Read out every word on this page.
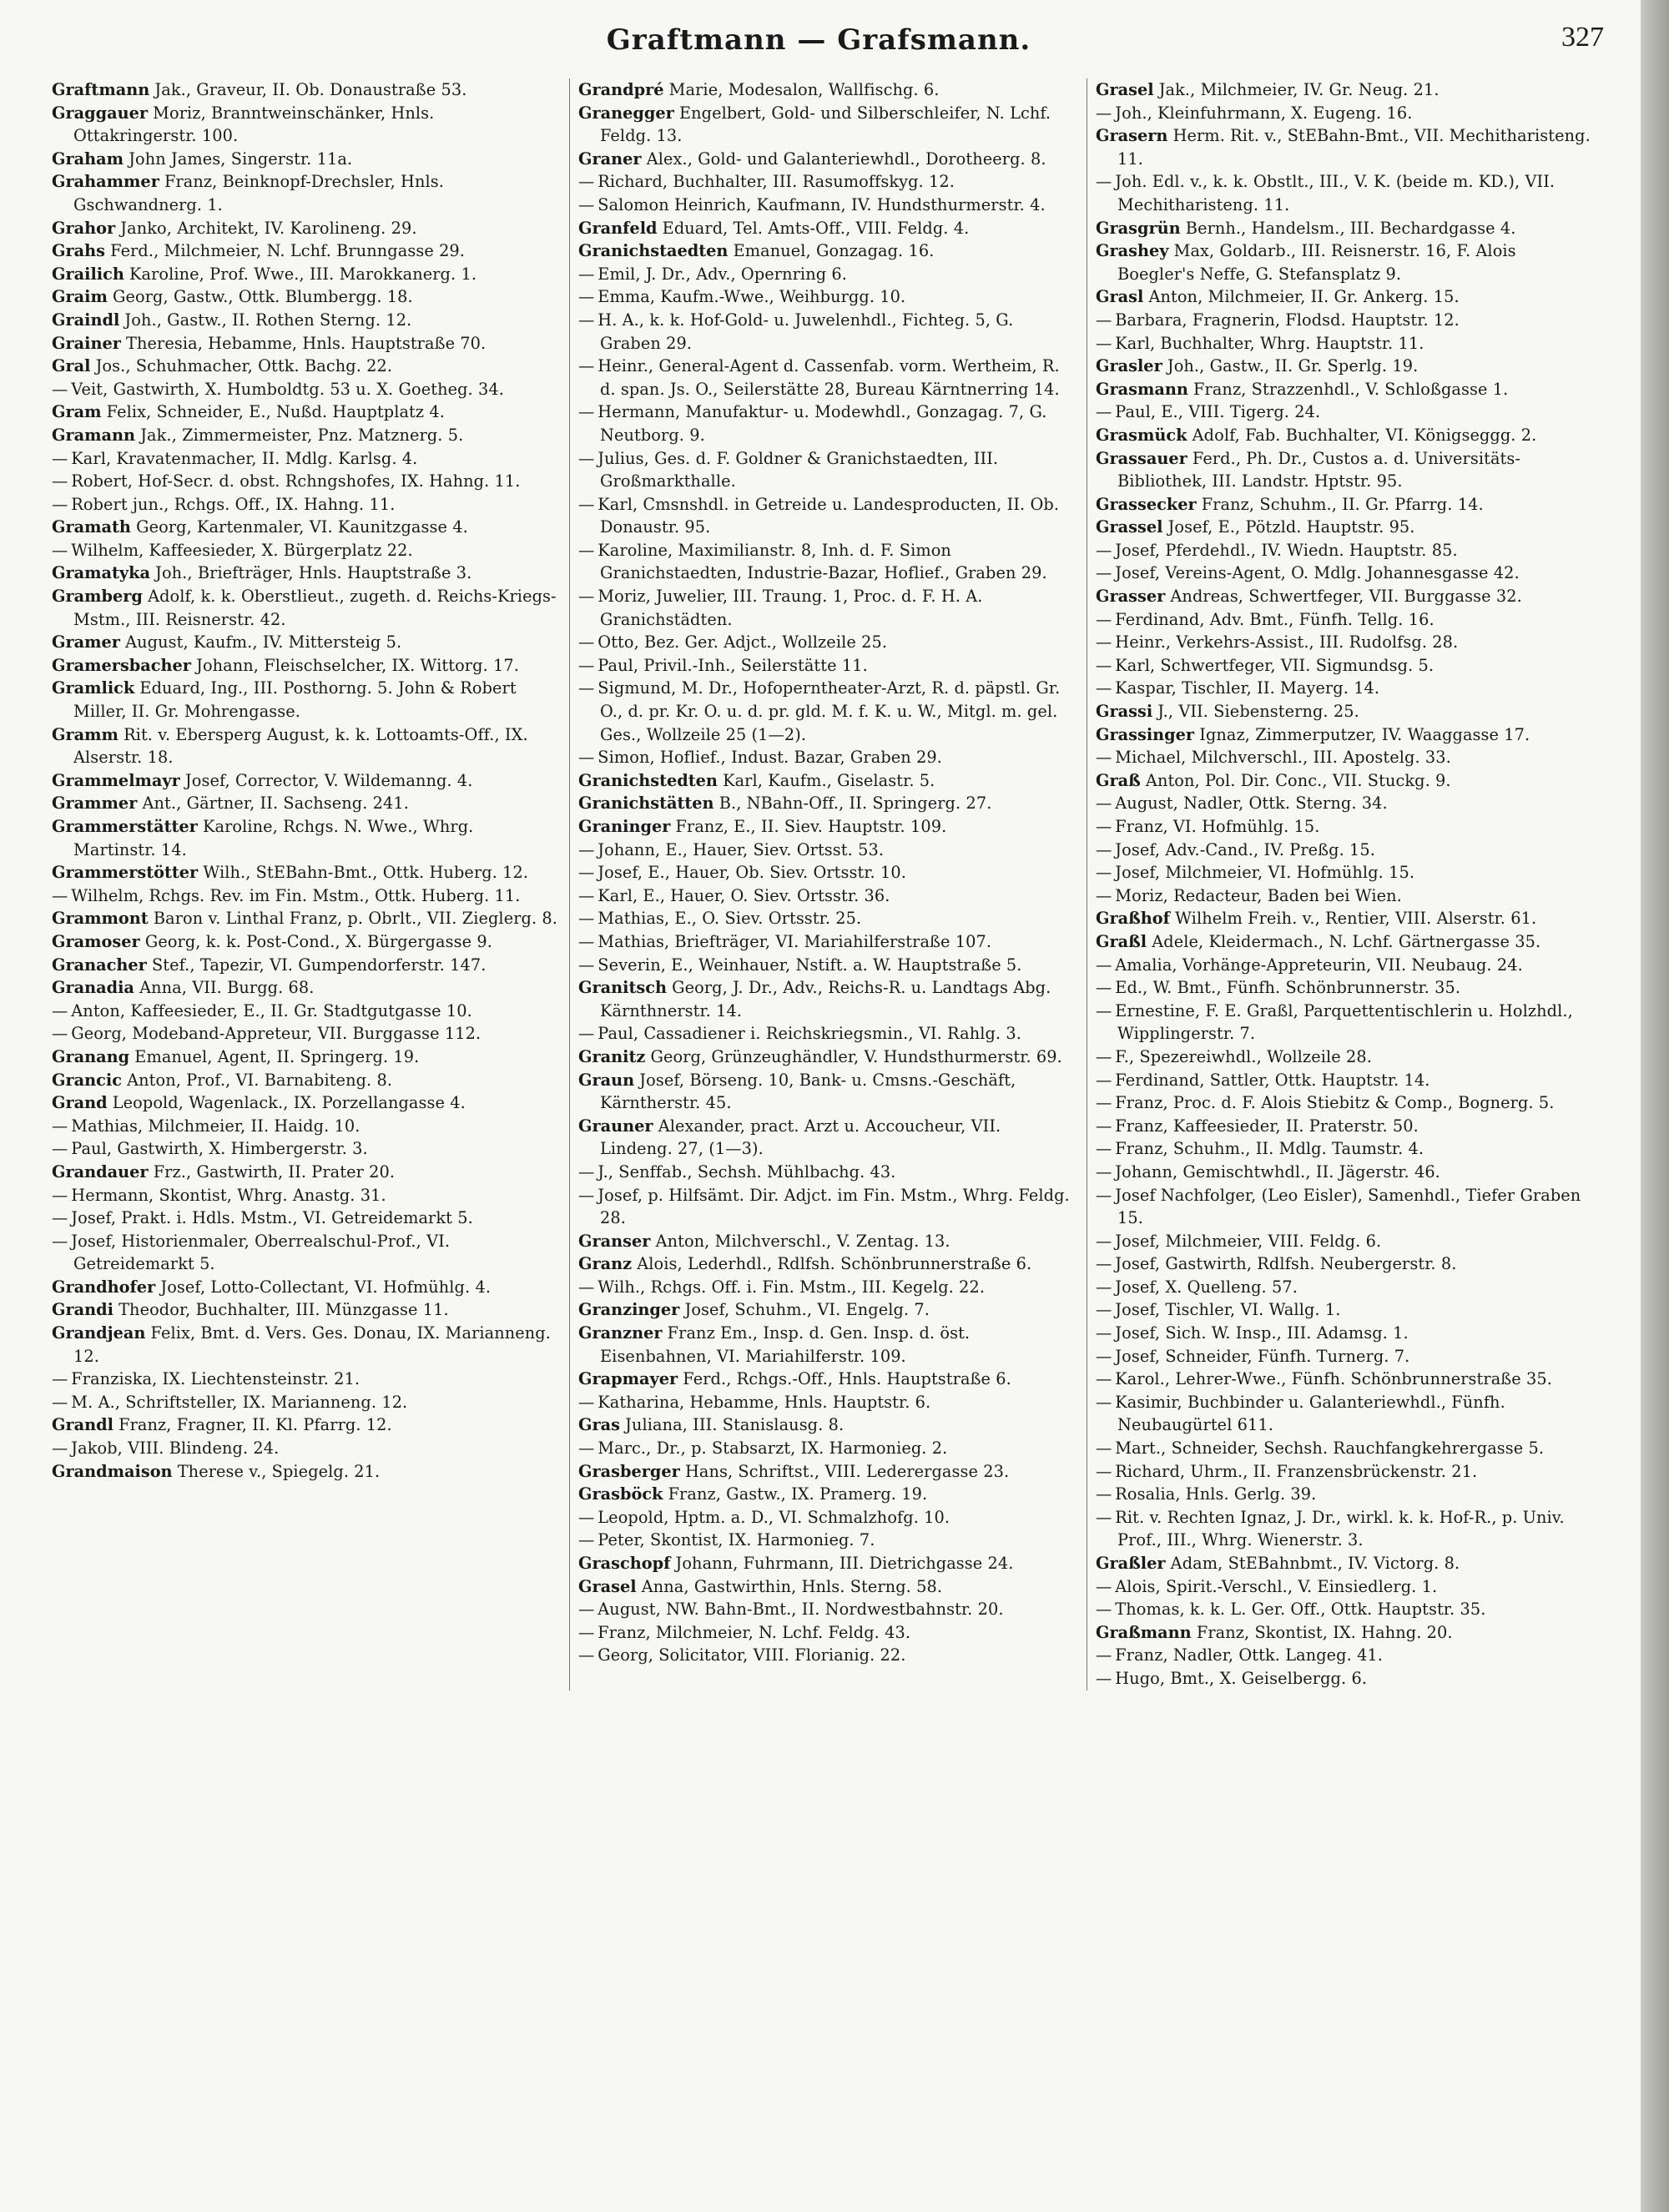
Graftmann — Grafsmann.	327
Graftmann Jak., Graveur, II. Ob. Donaustraße 53.
Graggauer Moriz, Branntweinschänker, Hnls. Ottakringerstr. 100.
Graham John James, Singerstr. 11a.
Grahammer Franz, Beinknopf-Drechsler, Hnls. Gschwandnerg. 1.
Grahor Janko, Architekt, IV. Karolineng. 29.
Grahs Ferd., Milchmeier, N. Lchf. Brunngasse 29.
Grailich Karoline, Prof. Wwe., III. Marokkanerg. 1.
Graim Georg, Gastw., Ottk. Blumbergg. 18.
Graindl Joh., Gastw., II. Rothen Sterng. 12.
Grainer Theresia, Hebamme, Hnls. Hauptstraße 70.
Gral Jos., Schuhmacher, Ottk. Bachg. 22.
— Veit, Gastwirth, X. Humboldtg. 53 u. X. Goetheg. 34.
Gram Felix, Schneider, E., Nußd. Hauptplatz 4.
Gramann Jak., Zimmermeister, Pnz. Matznerg. 5.
— Karl, Kravatenmacher, II. Mdlg. Karlsg. 4.
— Robert, Hof-Secr. d. obst. Rchngshofes, IX. Hahng. 11.
— Robert jun., Rchgs. Off., IX. Hahng. 11.
Gramath Georg, Kartenmaler, VI. Kaunitzgasse 4.
— Wilhelm, Kaffeesieder, X. Bürgerplatz 22.
Gramatyka Joh., Briefträger, Hnls. Hauptstraße 3.
Gramberg Adolf, k. k. Oberstlieut., zugeth. d. Reichs-Kriegs-Mstm., III. Reisnerstr. 42.
Gramer August, Kaufm., IV. Mittersteig 5.
Gramersbacher Johann, Fleischselcher, IX. Wittorg. 17.
Gramlick Eduard, Ing., III. Posthorng. 5. John & Robert Miller, II. Gr. Mohrengasse.
Gramm Rit. v. Ebersperg August, k. k. Lottoamts-Off., IX. Alserstr. 18.
Grammelmayr Josef, Corrector, V. Wildemanng. 4.
Grammer Ant., Gärtner, II. Sachseng. 241.
Grammerstätter Karoline, Rchgs. N. Wwe., Whrg. Martinstr. 14.
Grammerstötter Wilh., StEBahn-Bmt., Ottk. Huberg. 12.
— Wilhelm, Rchgs. Rev. im Fin. Mstm., Ottk. Huberg. 11.
Grammont Baron v. Linthal Franz, p. Obrlt., VII. Zieglerg. 8.
Gramoser Georg, k. k. Post-Cond., X. Bürgergasse 9.
Granacher Stef., Tapezir, VI. Gumpendorferstr. 147.
Granadia Anna, VII. Burgg. 68.
— Anton, Kaffeesieder, E., II. Gr. Stadtgutgasse 10.
— Georg, Modeband-Appreteur, VII. Burggasse 112.
Granang Emanuel, Agent, II. Springerg. 19.
Grancic Anton, Prof., VI. Barnabiteng. 8.
Grand Leopold, Wagenlack., IX. Porzellangasse 4.
— Mathias, Milchmeier, II. Haidg. 10.
— Paul, Gastwirth, X. Himbergerstr. 3.
Grandauer Frz., Gastwirth, II. Prater 20.
— Hermann, Skontist, Whrg. Anastg. 31.
— Josef, Prakt. i. Hdls. Mstm., VI. Getreidemarkt 5.
— Josef, Historienmaler, Oberrealschul-Prof., VI. Getreidemarkt 5.
Grandhofer Josef, Lotto-Collectant, VI. Hofmühlg. 4.
Grandi Theodor, Buchhalter, III. Münzgasse 11.
Grandjean Felix, Bmt. d. Vers. Ges. Donau, IX. Marianneng. 12.
— Franziska, IX. Liechtensteinstr. 21.
— M. A., Schriftsteller, IX. Marianneng. 12.
Grandl Franz, Fragner, II. Kl. Pfarrg. 12.
— Jakob, VIII. Blindeng. 24.
Grandmaison Therese v., Spiegelg. 21.
Grandpré Marie, Modesalon, Wallfischg. 6.
Granegger Engelbert, Gold- und Silberschleifer, N. Lchf. Feldg. 13.
Graner Alex., Gold- und Galanteriewhdl., Dorotheerg. 8.
— Richard, Buchhalter, III. Rasumoffskyg. 12.
— Salomon Heinrich, Kaufmann, IV. Hundsthurmerstr. 4.
Granfeld Eduard, Tel. Amts-Off., VIII. Feldg. 4.
Granichstaedten Emanuel, Gonzagag. 16.
— Emil, J. Dr., Adv., Opernring 6.
— Emma, Kaufm.-Wwe., Weihburgg. 10.
— H. A., k. k. Hof-Gold- u. Juwelenhdl., Fichteg. 5, G. Graben 29.
— Heinr., General-Agent d. Cassenfab. vorm. Wertheim, R. d. span. Js. O., Seilerstätte 28, Bureau Kärntnerring 14.
— Hermann, Manufaktur- u. Modewhdl., Gonzagag. 7, G. Neutborg. 9.
— Julius, Ges. d. F. Goldner & Granichstaedten, III. Großmarkthalle.
— Karl, Cmsnshdl. in Getreide u. Landesproducten, II. Ob. Donaustr. 95.
— Karoline, Maximilianstr. 8, Inh. d. F. Simon Granichstaedten, Industrie-Bazar, Hoflief., Graben 29.
— Moriz, Juwelier, III. Traung. 1, Proc. d. F. H. A. Granichstädten.
— Otto, Bez. Ger. Adjct., Wollzeile 25.
— Paul, Privil.-Inh., Seilerstätte 11.
— Sigmund, M. Dr., Hofoperntheater-Arzt, R. d. päpstl. Gr. O., d. pr. Kr. O. u. d. pr. gld. M. f. K. u. W., Mitgl. m. gel. Ges., Wollzeile 25 (1—2).
— Simon, Hoflief., Indust. Bazar, Graben 29.
Granichstedten Karl, Kaufm., Giselastr. 5.
Granichstätten B., NBahn-Off., II. Springerg. 27.
Graninger Franz, E., II. Siev. Hauptstr. 109.
— Johann, E., Hauer, Siev. Ortsst. 53.
— Josef, E., Hauer, Ob. Siev. Ortsstr. 10.
— Karl, E., Hauer, O. Siev. Ortsstr. 36.
— Mathias, E., O. Siev. Ortsstr. 25.
— Mathias, Briefträger, VI. Mariahilferstraße 107.
— Severin, E., Weinhauer, Nstift. a. W. Hauptstraße 5.
Granitsch Georg, J. Dr., Adv., Reichs-R. u. Landtags Abg. Kärnthnerstr. 14.
— Paul, Cassadiener i. Reichskriegsmin., VI. Rahlg. 3.
Granitz Georg, Grünzeughändler, V. Hundsthurmerstr. 69.
Graun Josef, Börseng. 10, Bank- u. Cmsns.-Geschäft, Kärntherstr. 45.
Grauner Alexander, pract. Arzt u. Accoucheur, VII. Lindeng. 27, (1—3).
— J., Senffab., Sechsh. Mühlbachg. 43.
— Josef, p. Hilfsämt. Dir. Adjct. im Fin. Mstm., Whrg. Feldg. 28.
Granser Anton, Milchverschl., V. Zentag. 13.
Granz Alois, Lederhdl., Rdlfsh. Schönbrunnerstraße 6.
— Wilh., Rchgs. Off. i. Fin. Mstm., III. Kegelg. 22.
Granzinger Josef, Schuhm., VI. Engelg. 7.
Granzner Franz Em., Insp. d. Gen. Insp. d. öst. Eisenbahnen, VI. Mariahilferstr. 109.
Grapmayer Ferd., Rchgs.-Off., Hnls. Hauptstraße 6.
— Katharina, Hebamme, Hnls. Hauptstr. 6.
Gras Juliana, III. Stanislausg. 8.
— Marc., Dr., p. Stabsarzt, IX. Harmonieg. 2.
Grasberger Hans, Schriftst., VIII. Lederergasse 23.
Grasböck Franz, Gastw., IX. Pramerg. 19.
— Leopold, Hptm. a. D., VI. Schmalzhofg. 10.
— Peter, Skontist, IX. Harmonieg. 7.
Graschopf Johann, Fuhrmann, III. Dietrichgasse 24.
Grasel Anna, Gastwirthin, Hnls. Sterng. 58.
— August, NW. Bahn-Bmt., II. Nordwestbahnstr. 20.
— Franz, Milchmeier, N. Lchf. Feldg. 43.
— Georg, Solicitator, VIII. Florianig. 22.
Grasel Jak., Milchmeier, IV. Gr. Neug. 21.
— Joh., Kleinfuhrmann, X. Eugeng. 16.
Grasern Herm. Rit. v., StEBahn-Bmt., VII. Mechitharisteng. 11.
— Joh. Edl. v., k. k. Obstlt., III., V. K. (beide m. KD.), VII. Mechitharisteng. 11.
Grasgrün Bernh., Handelsm., III. Bechardgasse 4.
Grashey Max, Goldarb., III. Reisnerstr. 16, F. Alois Boegler's Neffe, G. Stefansplatz 9.
Grasl Anton, Milchmeier, II. Gr. Ankerg. 15.
— Barbara, Fragnerin, Flodsd. Hauptstr. 12.
— Karl, Buchhalter, Whrg. Hauptstr. 11.
Grasler Joh., Gastw., II. Gr. Sperlg. 19.
Grasmann Franz, Strazzenhdl., V. Schloßgasse 1.
— Paul, E., VIII. Tigerg. 24.
Grasmück Adolf, Fab. Buchhalter, VI. Königseggg. 2.
Grassauer Ferd., Ph. Dr., Custos a. d. Universitäts-Bibliothek, III. Landstr. Hptstr. 95.
Grassecker Franz, Schuhm., II. Gr. Pfarrg. 14.
Grassel Josef, E., Pötzld. Hauptstr. 95.
— Josef, Pferdehdl., IV. Wiedn. Hauptstr. 85.
— Josef, Vereins-Agent, O. Mdlg. Johannesgasse 42.
Grasser Andreas, Schwertfeger, VII. Burggasse 32.
— Ferdinand, Adv. Bmt., Fünfh. Tellg. 16.
— Heinr., Verkehrs-Assist., III. Rudolfsg. 28.
— Karl, Schwertfeger, VII. Sigmundsg. 5.
— Kaspar, Tischler, II. Mayerg. 14.
Grassi J., VII. Siebensterng. 25.
Grassinger Ignaz, Zimmerputzer, IV. Waaggasse 17.
— Michael, Milchverschl., III. Apostelg. 33.
Graß Anton, Pol. Dir. Conc., VII. Stuckg. 9.
— August, Nadler, Ottk. Sterng. 34.
— Franz, VI. Hofmühlg. 15.
— Josef, Adv.-Cand., IV. Preßg. 15.
— Josef, Milchmeier, VI. Hofmühlg. 15.
— Moriz, Redacteur, Baden bei Wien.
Graßhof Wilhelm Freih. v., Rentier, VIII. Alserstr. 61.
Graßl Adele, Kleidermach., N. Lchf. Gärtnergasse 35.
— Amalia, Vorhänge-Appreteurin, VII. Neubaug. 24.
— Ed., W. Bmt., Fünfh. Schönbrunnerstr. 35.
— Ernestine, F. E. Graßl, Parquettentischlerin u. Holzhdl., Wipplingerstr. 7.
— F., Spezereiwhdl., Wollzeile 28.
— Ferdinand, Sattler, Ottk. Hauptstr. 14.
— Franz, Proc. d. F. Alois Stiebitz & Comp., Bognerg. 5.
— Franz, Kaffeesieder, II. Praterstr. 50.
— Franz, Schuhm., II. Mdlg. Taumstr. 4.
— Johann, Gemischtwhdl., II. Jägerstr. 46.
— Josef Nachfolger, (Leo Eisler), Samenhdl., Tiefer Graben 15.
— Josef, Milchmeier, VIII. Feldg. 6.
— Josef, Gastwirth, Rdlfsh. Neubergerstr. 8.
— Josef, X. Quelleng. 57.
— Josef, Tischler, VI. Wallg. 1.
— Josef, Sich. W. Insp., III. Adamsg. 1.
— Josef, Schneider, Fünfh. Turnerg. 7.
— Karol., Lehrer-Wwe., Fünfh. Schönbrunnerstraße 35.
— Kasimir, Buchbinder u. Galanteriewhdl., Fünfh. Neubaugürtel 611.
— Mart., Schneider, Sechsh. Rauchfangkehrergasse 5.
— Richard, Uhrm., II. Franzensbrückenstr. 21.
— Rosalia, Hnls. Gerlg. 39.
— Rit. v. Rechten Ignaz, J. Dr., wirkl. k. k. Hof-R., p. Univ. Prof., III., Whrg. Wienerstr. 3.
Graßler Adam, StEBahnbmt., IV. Victorg. 8.
— Alois, Spirit.-Verschl., V. Einsiedlerg. 1.
— Thomas, k. k. L. Ger. Off., Ottk. Hauptstr. 35.
Graßmann Franz, Skontist, IX. Hahng. 20.
— Franz, Nadler, Ottk. Langeg. 41.
— Hugo, Bmt., X. Geiselbergg. 6.
